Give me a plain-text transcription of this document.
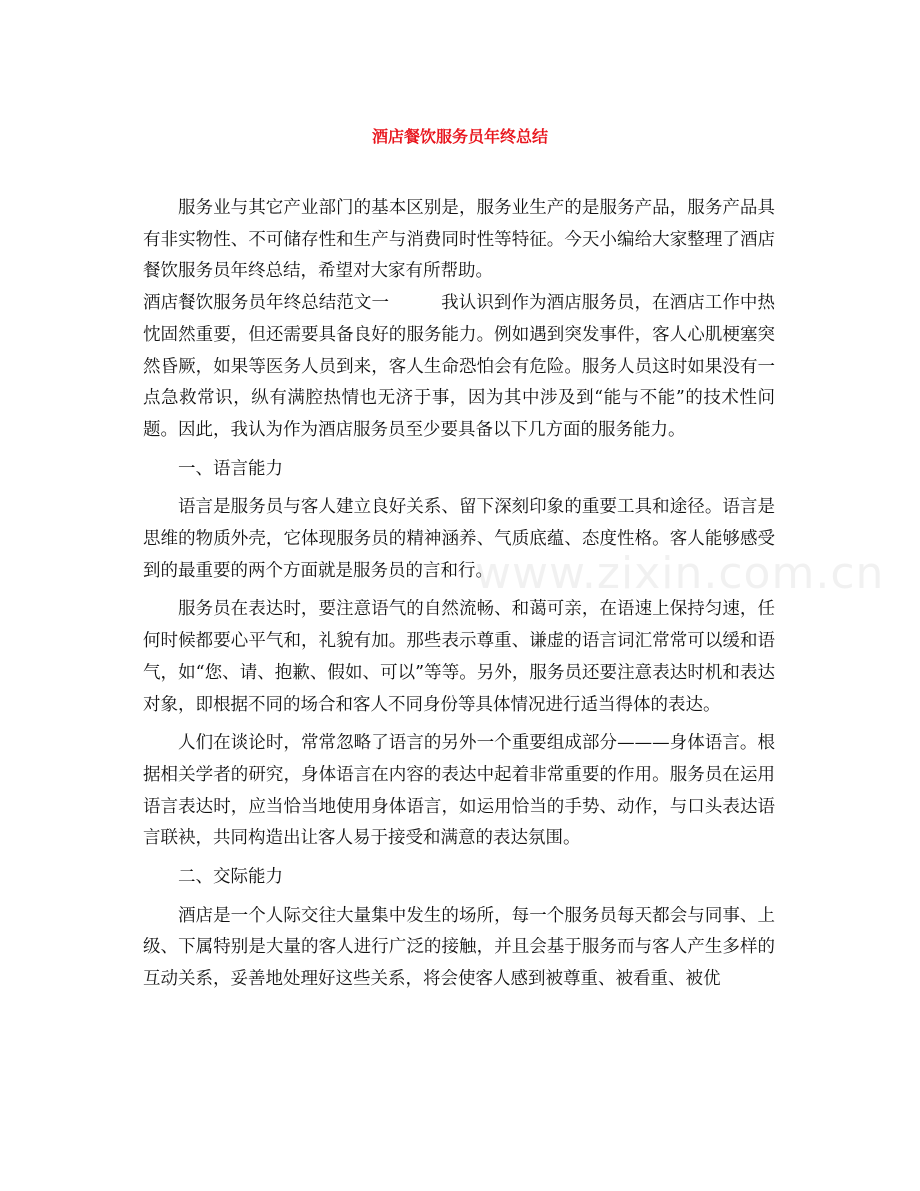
酒店餐饮服务员年终总结
www.zixin.com.cn

服务业与其它产业部门的基本区别是，服务业生产的是服务产品，服务产品具有非实物性、不可储存性和生产与消费同时性等特征。今天小编给大家整理了酒店餐饮服务员年终总结，希望对大家有所帮助。

酒店餐饮服务员年终总结范文一	我认识到作为酒店服务员，在酒店工作中热忱固然重要，但还需要具备良好的服务能力。例如遇到突发事件，客人心肌梗塞突然昏厥，如果等医务人员到来，客人生命恐怕会有危险。服务人员这时如果没有一点急救常识，纵有满腔热情也无济于事，因为其中涉及到“能与不能”的技术性问题。因此，我认为作为酒店服务员至少要具备以下几方面的服务能力。

一、语言能力

语言是服务员与客人建立良好关系、留下深刻印象的重要工具和途径。语言是思维的物质外壳，它体现服务员的精神涵养、气质底蕴、态度性格。客人能够感受到的最重要的两个方面就是服务员的言和行。

服务员在表达时，要注意语气的自然流畅、和蔼可亲，在语速上保持匀速，任何时候都要心平气和，礼貌有加。那些表示尊重、谦虚的语言词汇常常可以缓和语气，如“您、请、抱歉、假如、可以”等等。另外，服务员还要注意表达时机和表达对象，即根据不同的场合和客人不同身份等具体情况进行适当得体的表达。

人们在谈论时，常常忽略了语言的另外一个重要组成部分———身体语言。根据相关学者的研究，身体语言在内容的表达中起着非常重要的作用。服务员在运用语言表达时，应当恰当地使用身体语言，如运用恰当的手势、动作，与口头表达语言联袂，共同构造出让客人易于接受和满意的表达氛围。

二、交际能力

酒店是一个人际交往大量集中发生的场所，每一个服务员每天都会与同事、上级、下属特别是大量的客人进行广泛的接触，并且会基于服务而与客人产生多样的互动关系，妥善地处理好这些关系，将会使客人感到被尊重、被看重、被优
